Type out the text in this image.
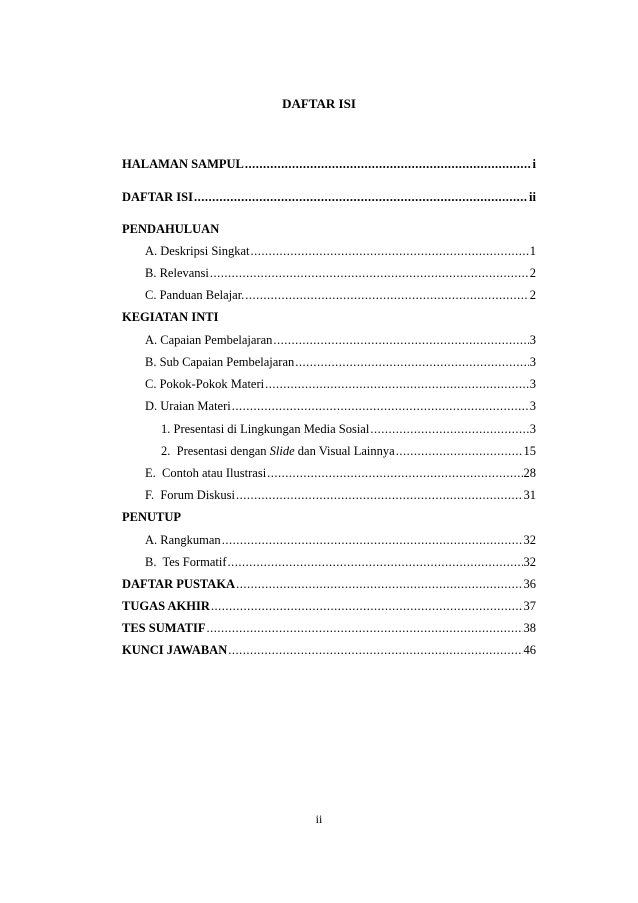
DAFTAR ISI
HALAMAN SAMPUL .....	i
DAFTAR ISI .....	ii
PENDAHULUAN
A. Deskripsi Singkat .....	1
B. Relevansi .....	2
C. Panduan Belajar. .....	2
KEGIATAN INTI
A. Capaian Pembelajaran .....	3
B. Sub Capaian Pembelajaran .....	3
C. Pokok-Pokok Materi .....	3
D. Uraian Materi .....	3
1. Presentasi di Lingkungan Media Sosial .....	3
2.  Presentasi dengan Slide dan Visual Lainnya .....	15
E.  Contoh atau Ilustrasi .....	28
F.  Forum Diskusi .....	31
PENUTUP
A. Rangkuman .....	32
B.  Tes Formatif .....	32
DAFTAR PUSTAKA .....	36
TUGAS AKHIR .....	37
TES SUMATIF .....	38
KUNCI JAWABAN .....	46
ii
